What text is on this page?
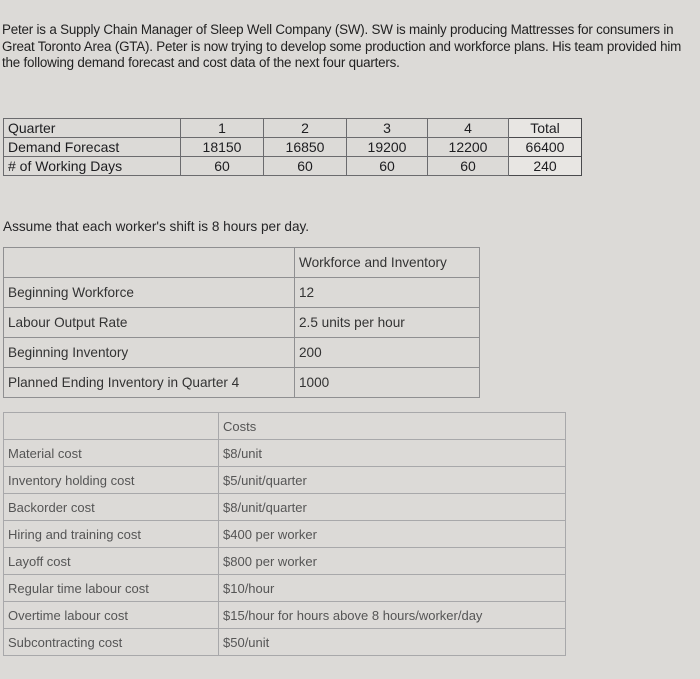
Peter is a Supply Chain Manager of Sleep Well Company (SW). SW is mainly producing Mattresses for consumers in Great Toronto Area (GTA). Peter is now trying to develop some production and workforce plans. His team provided him the following demand forecast and cost data of the next four quarters.
Quarter	1	2	3	4	Total
Demand Forecast	18150	16850	19200	12200	66400
# of Working Days	60	60	60	60	240
Assume that each worker's shift is 8 hours per day.
	Workforce and Inventory
Beginning Workforce	12
Labour Output Rate	2.5 units per hour
Beginning Inventory	200
Planned Ending Inventory in Quarter 4	1000
	Costs
Material cost	$8/unit
Inventory holding cost	$5/unit/quarter
Backorder cost	$8/unit/quarter
Hiring and training cost	$400 per worker
Layoff cost	$800 per worker
Regular time labour cost	$10/hour
Overtime labour cost	$15/hour for hours above 8 hours/worker/day
Subcontracting cost	$50/unit
